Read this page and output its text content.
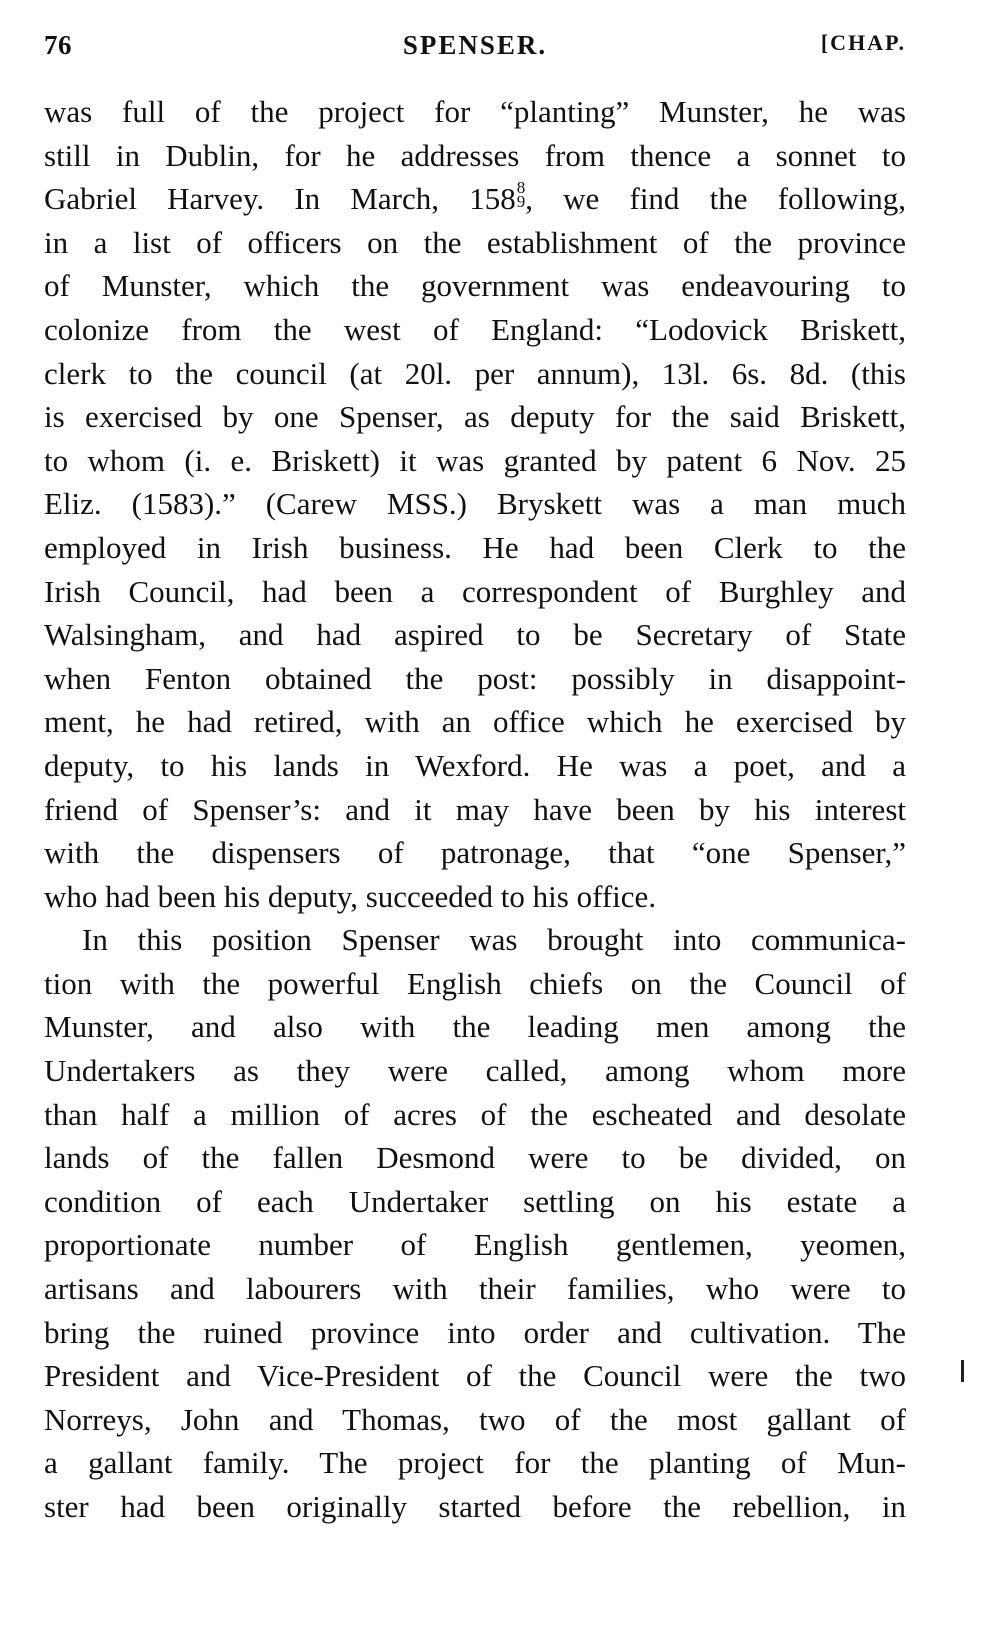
76	SPENSER.	[CHAP.
was full of the project for “planting” Munster, he was
still in Dublin, for he addresses from thence a sonnet to
Gabriel Harvey. In March, 158 8
9 , we find the following,
in a list of officers on the establishment of the province
of Munster, which the government was endeavouring to
colonize from the west of England: “Lodovick Briskett,
clerk to the council (at 20l. per annum), 13l. 6s. 8d. (this
is exercised by one Spenser, as deputy for the said Briskett,
to whom (i. e. Briskett) it was granted by patent 6 Nov. 25
Eliz. (1583).” (Carew MSS.) Bryskett was a man much
employed in Irish business. He had been Clerk to the
Irish Council, had been a correspondent of Burghley and
Walsingham, and had aspired to be Secretary of State
when Fenton obtained the post: possibly in disappoint-
ment, he had retired, with an office which he exercised by
deputy, to his lands in Wexford. He was a poet, and a
friend of Spenser’s: and it may have been by his interest
with the dispensers of patronage, that “one Spenser,”
who had been his deputy, succeeded to his office.
In this position Spenser was brought into communica-
tion with the powerful English chiefs on the Council of
Munster, and also with the leading men among the
Undertakers as they were called, among whom more
than half a million of acres of the escheated and desolate
lands of the fallen Desmond were to be divided, on
condition of each Undertaker settling on his estate a
proportionate number of English gentlemen, yeomen,
artisans and labourers with their families, who were to
bring the ruined province into order and cultivation. The
President and Vice-President of the Council were the two
Norreys, John and Thomas, two of the most gallant of
a gallant family. The project for the planting of Mun-
ster had been originally started before the rebellion, in
